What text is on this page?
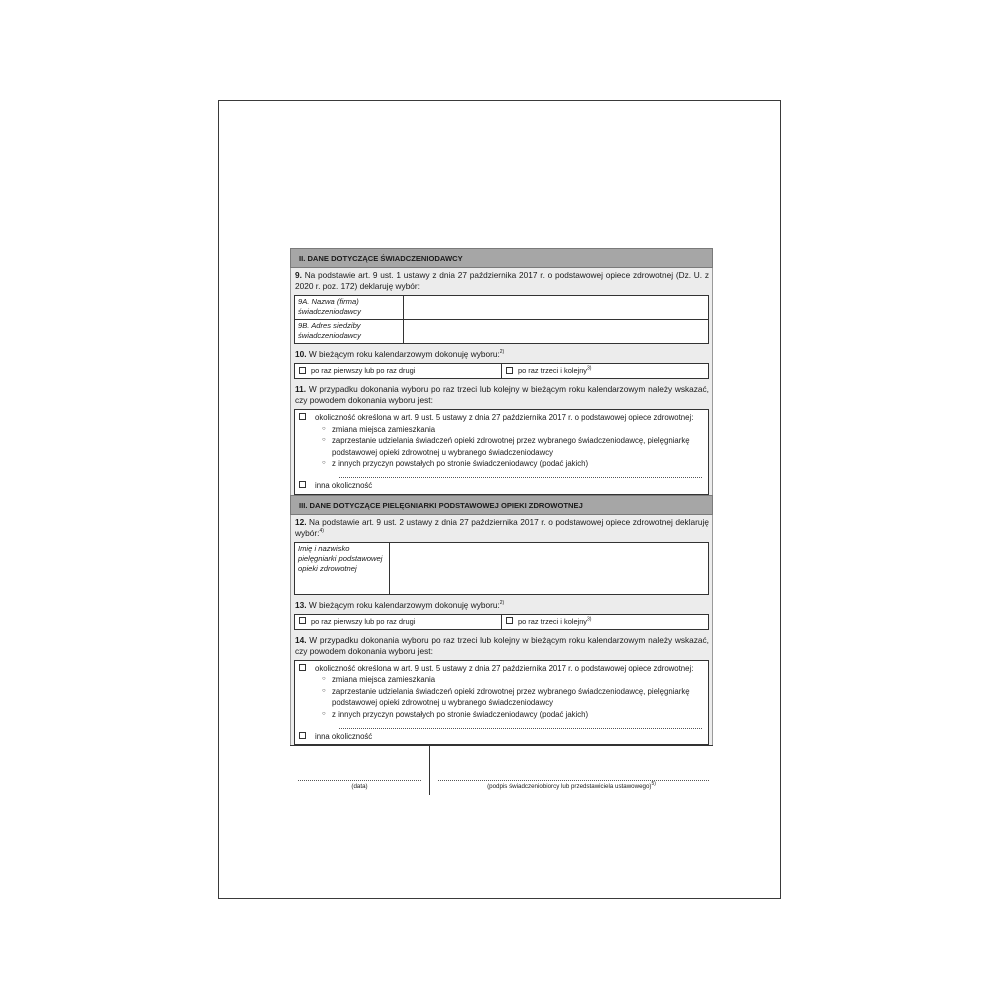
II. DANE DOTYCZĄCE ŚWIADCZENIODAWCY
9. Na podstawie art. 9 ust. 1 ustawy z dnia 27 października 2017 r. o podstawowej opiece zdrowotnej (Dz. U. z 2020 r. poz. 172) deklaruję wybór:
9A. Nazwa (firma) świadczeniodawcy	
9B. Adres siedziby świadczeniodawcy	
10. W bieżącym roku kalendarzowym dokonuję wyboru:$^{2)}$
po raz pierwszy lub po raz drugi	po raz trzeci i kolejny$^{3)}$
11. W przypadku dokonania wyboru po raz trzeci lub kolejny w bieżącym roku kalendarzowym należy wskazać, czy powodem dokonania wyboru jest:
okoliczność określona w art. 9 ust. 5 ustawy z dnia 27 października 2017 r. o podstawowej opiece zdrowotnej:
○ zmiana miejsca zamieszkania
○ zaprzestanie udzielania świadczeń opieki zdrowotnej przez wybranego świadczeniodawcę, pielęgniarkę podstawowej opieki zdrowotnej u wybranego świadczeniodawcy
○ z innych przyczyn powstałych po stronie świadczeniodawcy (podać jakich)
inna okoliczność
III. DANE DOTYCZĄCE PIELĘGNIARKI PODSTAWOWEJ OPIEKI ZDROWOTNEJ
12. Na podstawie art. 9 ust. 2 ustawy z dnia 27 października 2017 r. o podstawowej opiece zdrowotnej deklaruję wybór:$^{4)}$
Imię i nazwisko pielęgniarki podstawowej opieki zdrowotnej	
13. W bieżącym roku kalendarzowym dokonuję wyboru:$^{2)}$
po raz pierwszy lub po raz drugi	po raz trzeci i kolejny$^{3)}$
14. W przypadku dokonania wyboru po raz trzeci lub kolejny w bieżącym roku kalendarzowym należy wskazać, czy powodem dokonania wyboru jest:
okoliczność określona w art. 9 ust. 5 ustawy z dnia 27 października 2017 r. o podstawowej opiece zdrowotnej:
○ zmiana miejsca zamieszkania
○ zaprzestanie udzielania świadczeń opieki zdrowotnej przez wybranego świadczeniodawcę, pielęgniarkę podstawowej opieki zdrowotnej u wybranego świadczeniodawcy
○ z innych przyczyn powstałych po stronie świadczeniodawcy (podać jakich)
inna okoliczność
(data)	(podpis świadczeniobiorcy lub przedstawiciela ustawowego)$^{5)}$
